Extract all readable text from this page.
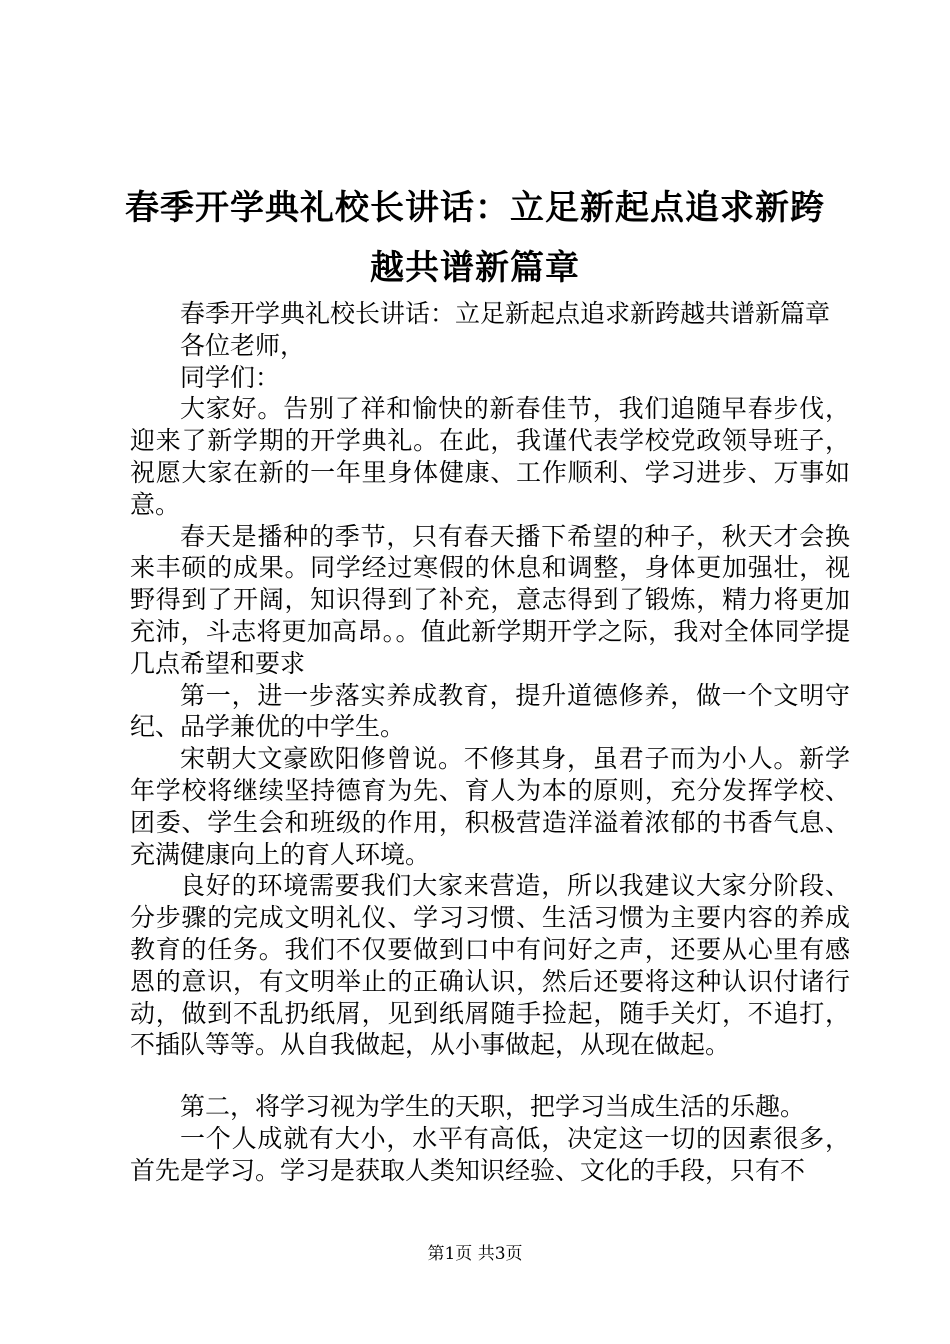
春季开学典礼校长讲话：立足新起点追求新跨
越共谱新篇章

春季开学典礼校长讲话：立足新起点追求新跨越共谱新篇章

各位老师，

同学们：

大家好。告别了祥和愉快的新春佳节，我们追随早春步伐，迎来了新学期的开学典礼。在此，我谨代表学校党政领导班子，祝愿大家在新的一年里身体健康、工作顺利、学习进步、万事如意。

春天是播种的季节，只有春天播下希望的种子，秋天才会换来丰硕的成果。同学经过寒假的休息和调整，身体更加强壮，视野得到了开阔，知识得到了补充，意志得到了锻炼，精力将更加充沛，斗志将更加高昂。。值此新学期开学之际，我对全体同学提几点希望和要求

第一，进一步落实养成教育，提升道德修养，做一个文明守纪、品学兼优的中学生。

宋朝大文豪欧阳修曾说。不修其身，虽君子而为小人。新学年学校将继续坚持德育为先、育人为本的原则，充分发挥学校、团委、学生会和班级的作用，积极营造洋溢着浓郁的书香气息、充满健康向上的育人环境。

良好的环境需要我们大家来营造，所以我建议大家分阶段、分步骤的完成文明礼仪、学习习惯、生活习惯为主要内容的养成教育的任务。我们不仅要做到口中有问好之声，还要从心里有感恩的意识，有文明举止的正确认识，然后还要将这种认识付诸行动，做到不乱扔纸屑，见到纸屑随手捡起，随手关灯，不追打，不插队等等。从自我做起，从小事做起，从现在做起。

第二，将学习视为学生的天职，把学习当成生活的乐趣。

一个人成就有大小，水平有高低，决定这一切的因素很多，首先是学习。学习是获取人类知识经验、文化的手段，只有不

第1页 共3页
